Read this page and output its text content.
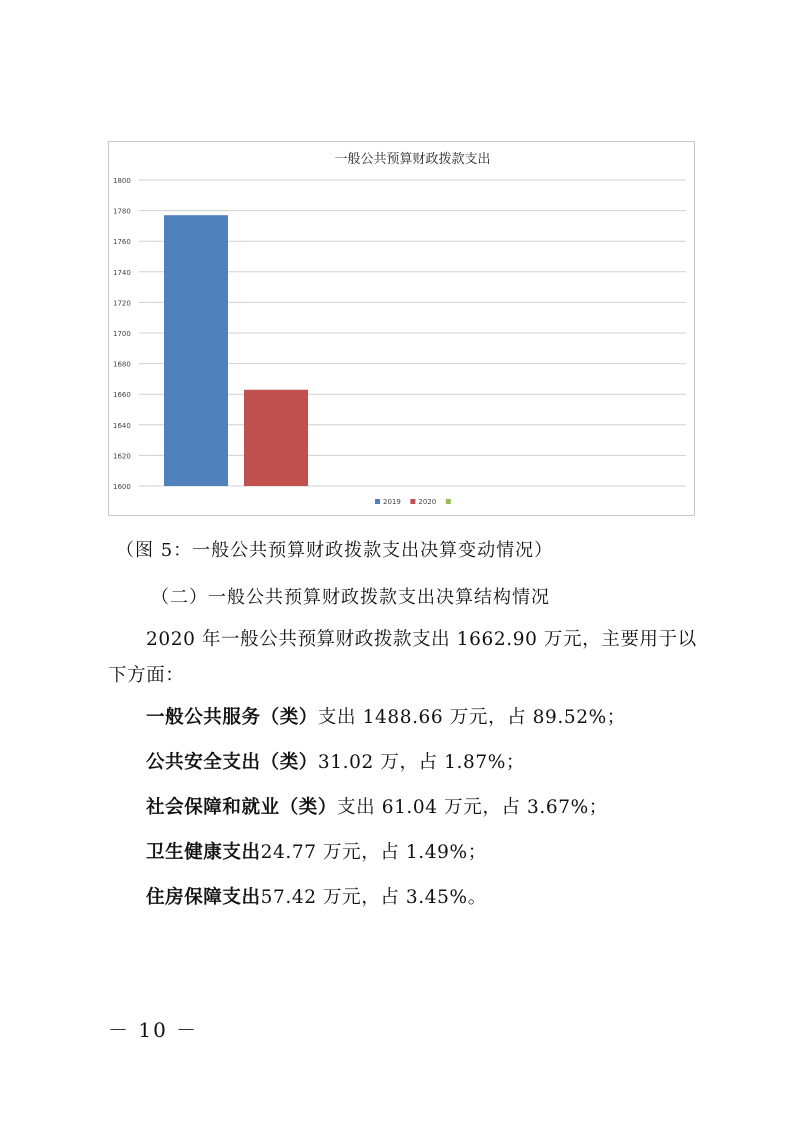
一般公共预算财政拨款支出
1600
1620
1640
1660
1680
1700
1720
1740
1760
1780
1800
2019	2020
（图 5：一般公共预算财政拨款支出决算变动情况）
（二）一般公共预算财政拨款支出决算结构情况
2020 年一般公共预算财政拨款支出 1662.90 万元，主要用于以下方面：
一般公共服务（类）支出 1488.66 万元，占 89.52%；
公共安全支出（类）31.02 万，占 1.87%；
社会保障和就业（类）支出 61.04 万元，占 3.67%；
卫生健康支出24.77 万元，占 1.49%；
住房保障支出57.42 万元，占 3.45%。
－ 10 －
